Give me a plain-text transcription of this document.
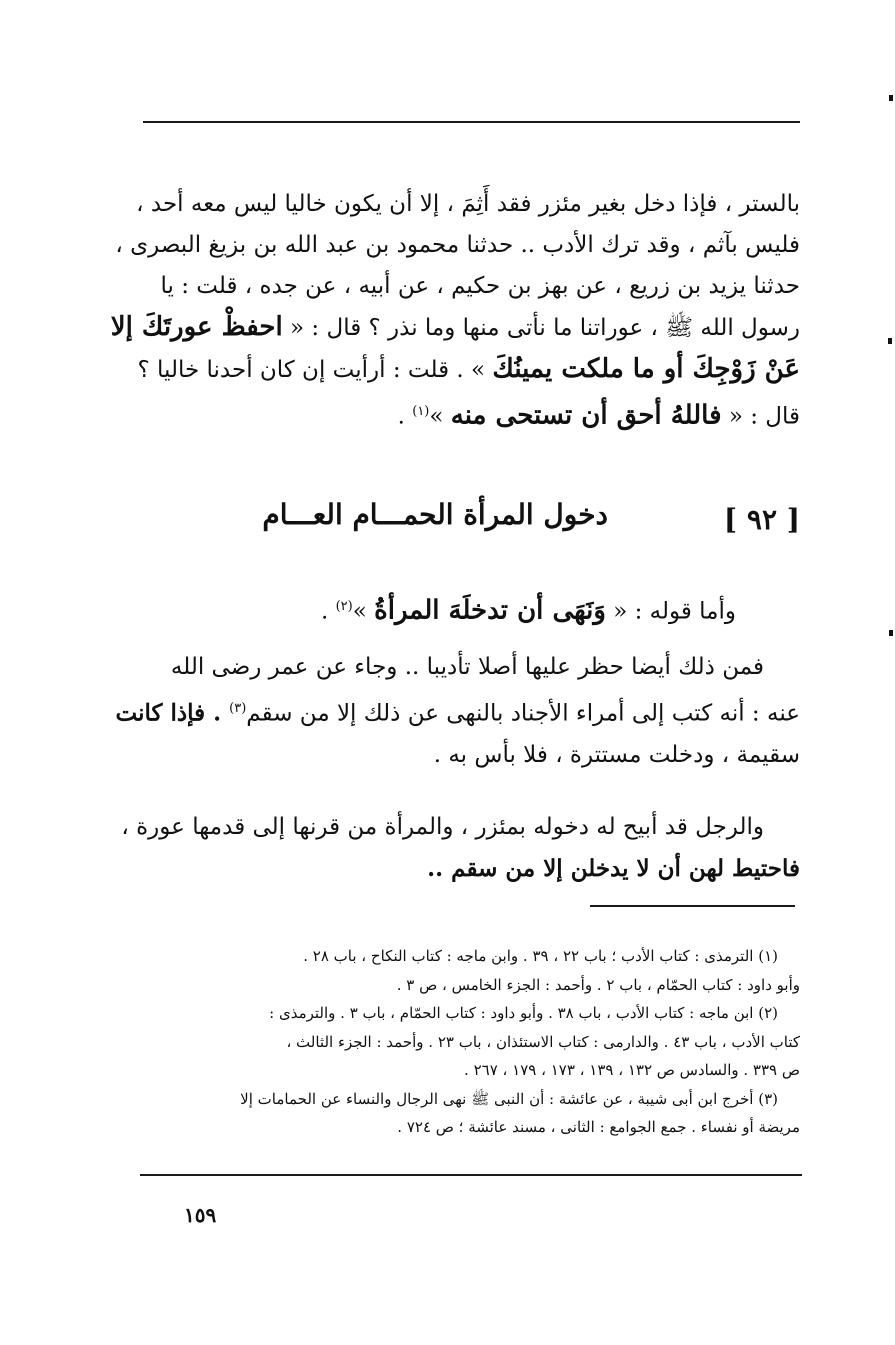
بالستر ، فإذا دخل بغير مئزر فقد أَثِمَ ، إلا أن يكون خاليا ليس معه أحد ،
فليس بآثم ، وقد ترك الأدب .. حدثنا محمود بن عبد الله بن بزيغ البصرى ،
حدثنا يزيد بن زريع ، عن بهز بن حكيم ، عن أبيه ، عن جده ، قلت : يا
رسول الله ﷺ ، عوراتنا ما نأتى منها وما نذر ؟ قال : « احفظْ عورتَكَ إلا
عَنْ زَوْجِكَ أو ما ملكت يمينُكَ » . قلت : أرأيت إن كان أحدنا خاليا ؟
قال : « فاللهُ أحق أن تستحى منه »$^{(١)}$ .
[ ٩٢ ]
دخول المرأة الحمـــام العـــام
وأما قوله : « وَنَهَى أن تدخلَهَ المرأةُ »$^{(٢)}$ .
فمن ذلك أيضا حظر عليها أصلا تأديبا .. وجاء عن عمر رضى الله
عنه : أنه كتب إلى أمراء الأجناد بالنهى عن ذلك إلا من سقم$^{(٣)}$ . فإذا كانت
سقيمة ، ودخلت مستترة ، فلا بأس به .
والرجل قد أبيح له دخوله بمئزر ، والمرأة من قرنها إلى قدمها عورة ،
فاحتيط لهن أن لا يدخلن إلا من سقم ..
(١) الترمذى : كتاب الأدب ؛ باب ٢٢ ، ٣٩ . وابن ماجه : كتاب النكاح ، باب ٢٨ .
وأبو داود : كتاب الحمّام ، باب ٢ . وأحمد : الجزء الخامس ، ص ٣ .
(٢) ابن ماجه : كتاب الأدب ، باب ٣٨ . وأبو داود : كتاب الحمّام ، باب ٣ . والترمذى :
كتاب الأدب ، باب ٤٣ . والدارمى : كتاب الاستئذان ، باب ٢٣ . وأحمد : الجزء الثالث ،
ص ٣٣٩ . والسادس ص ١٣٢ ، ١٣٩ ، ١٧٣ ، ١٧٩ ، ٢٦٧ .
(٣) أخرج ابن أبى شيبة ، عن عائشة : أن النبى ﷺ نهى الرجال والنساء عن الحمامات إلا
مريضة أو نفساء . جمع الجوامع : الثانى ، مسند عائشة ؛ ص ٧٢٤ .
١٥٩
